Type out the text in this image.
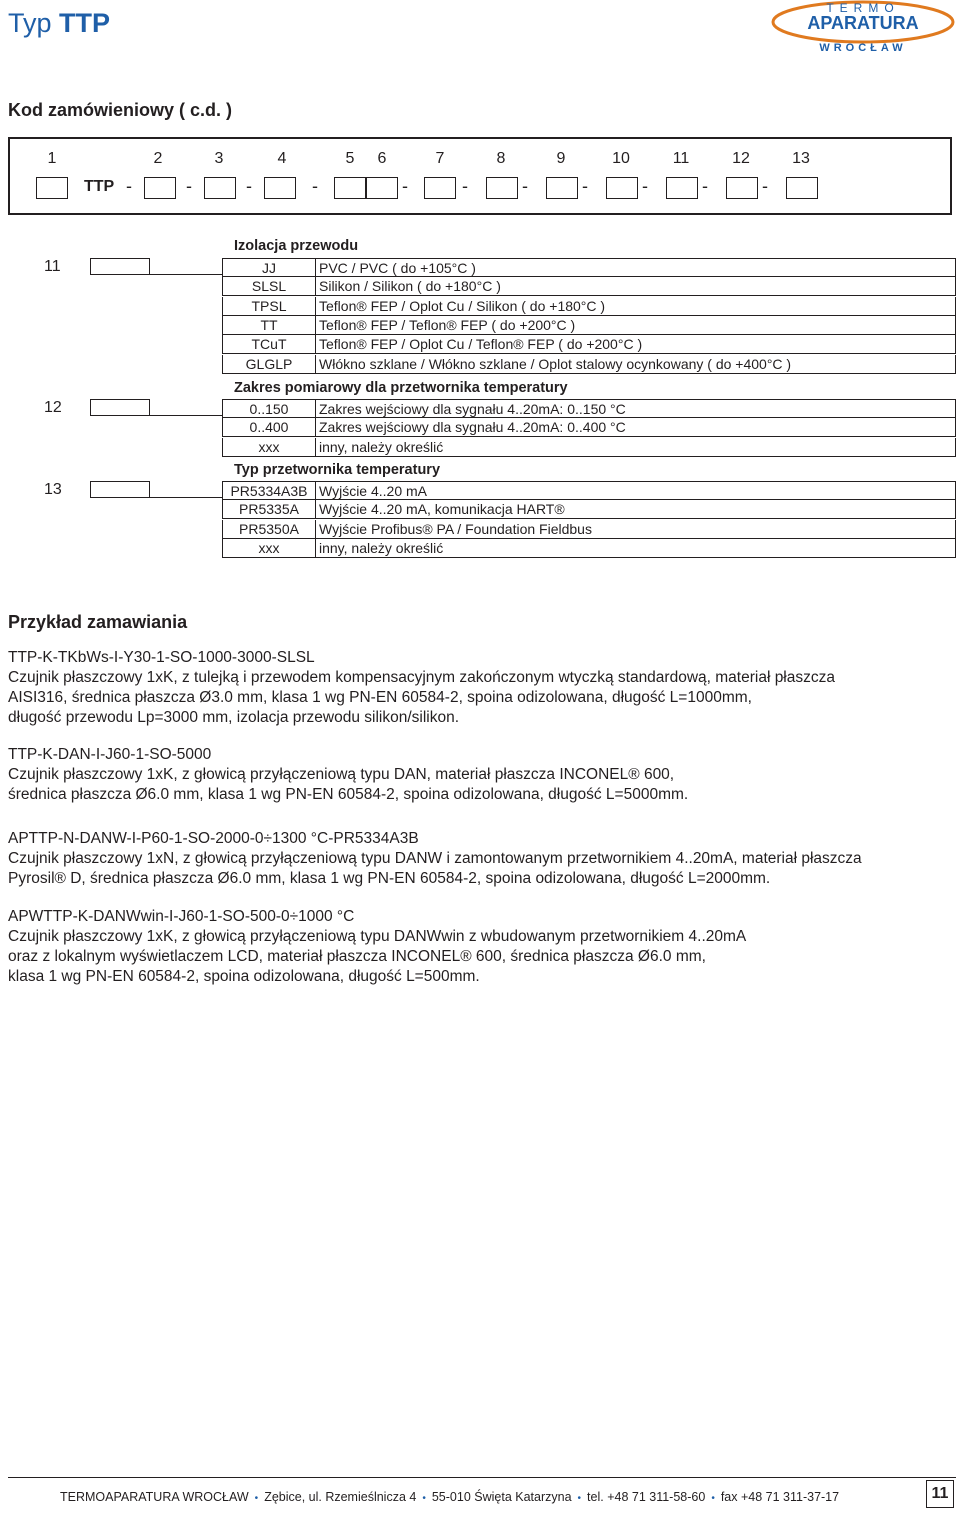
Typ TTP	TERMO
APARATURA
WROCŁAW
Kod zamówieniowy ( c.d. )
1	2	3	4	5	6	7	8	9	10	11	12	13
TTP -	-	-	-	-	-	-	-	-	-	-
Izolacja przewodu
11	JJ	PVC / PVC ( do +105°C )
SLSL	Silikon / Silikon ( do +180°C )
TPSL	Teflon® FEP / Oplot Cu / Silikon ( do +180°C )
TT	Teflon® FEP / Teflon® FEP ( do +200°C )
TCuT	Teflon® FEP / Oplot Cu / Teflon® FEP ( do +200°C )
GLGLP	Włókno szklane / Włókno szklane / Oplot stalowy ocynkowany ( do +400°C )
Zakres pomiarowy dla przetwornika temperatury
12	0..150	Zakres wejściowy dla sygnału 4..20mA: 0..150 °C
0..400	Zakres wejściowy dla sygnału 4..20mA: 0..400 °C
xxx	inny, należy określić
Typ przetwornika temperatury
13	PR5334A3B Wyjście 4..20 mA
PR5335A	Wyjście 4..20 mA, komunikacja HART®
PR5350A	Wyjście Profibus® PA / Foundation Fieldbus
xxx	inny, należy określić
Przykład zamawiania
TTP-K-TKbWs-I-Y30-1-SO-1000-3000-SLSL
Czujnik płaszczowy 1xK, z tulejką i przewodem kompensacyjnym zakończonym wtyczką standardową, materiał płaszcza
AISI316, średnica płaszcza Ø3.0 mm, klasa 1 wg PN-EN 60584-2, spoina odizolowana, długość L=1000mm,
długość przewodu Lp=3000 mm, izolacja przewodu silikon/silikon.
TTP-K-DAN-I-J60-1-SO-5000
Czujnik płaszczowy 1xK, z głowicą przyłączeniową typu DAN, materiał płaszcza INCONEL® 600,
średnica płaszcza Ø6.0 mm, klasa 1 wg PN-EN 60584-2, spoina odizolowana, długość L=5000mm.
APTTP-N-DANW-I-P60-1-SO-2000-0÷1300 °C-PR5334A3B
Czujnik płaszczowy 1xN, z głowicą przyłączeniową typu DANW i zamontowanym przetwornikiem 4..20mA, materiał płaszcza
Pyrosil® D, średnica płaszcza Ø6.0 mm, klasa 1 wg PN-EN 60584-2, spoina odizolowana, długość L=2000mm.
APWTTP-K-DANWwin-I-J60-1-SO-500-0÷1000 °C
Czujnik płaszczowy 1xK, z głowicą przyłączeniową typu DANWwin z wbudowanym przetwornikiem 4..20mA
oraz z lokalnym wyświetlaczem LCD, materiał płaszcza INCONEL® 600, średnica płaszcza Ø6.0 mm,
klasa 1 wg PN-EN 60584-2, spoina odizolowana, długość L=500mm.
TERMOAPARATURA WROCŁAW • Zębice, ul. Rzemieślnicza 4 • 55-010 Święta Katarzyna • tel. +48 71 311-58-60 • fax +48 71 311-37-17	11
